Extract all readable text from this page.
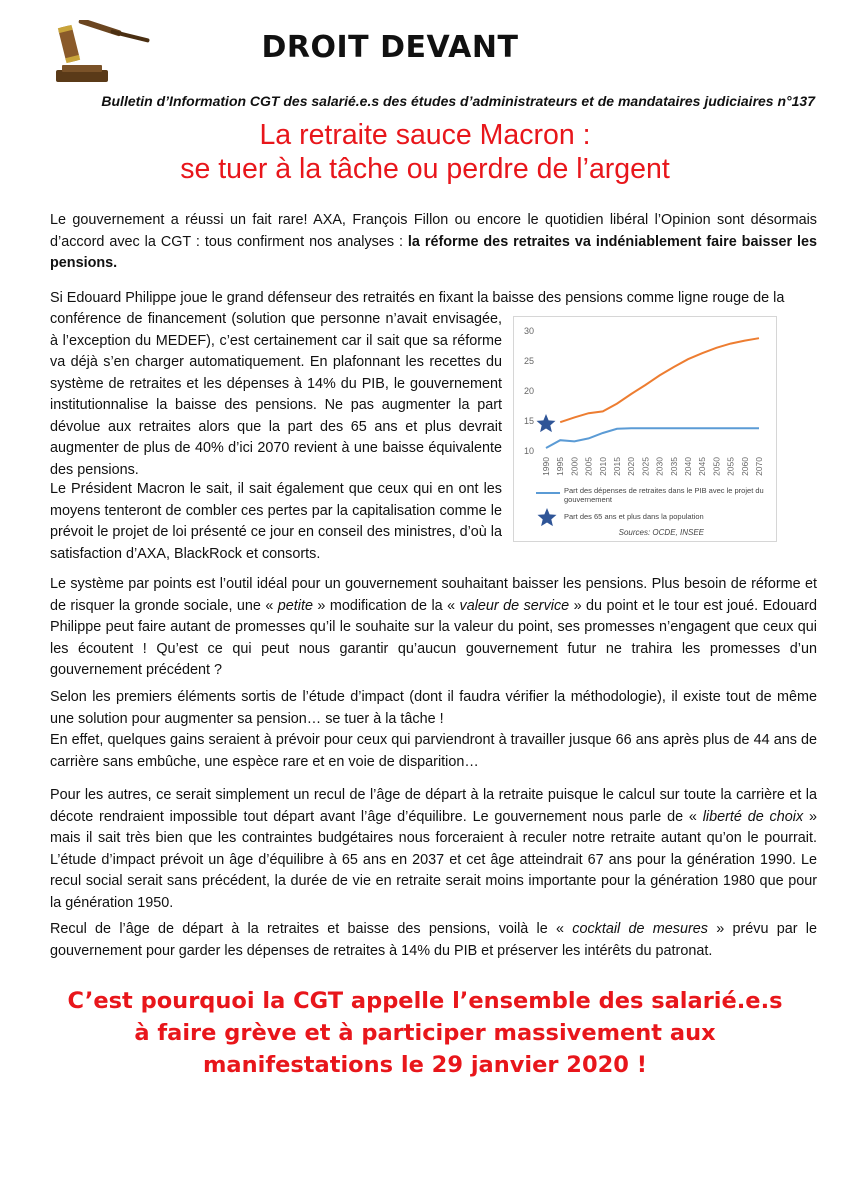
DROIT DEVANT
Bulletin d’Information CGT des salarié.e.s des études d’administrateurs et de mandataires judiciaires n°137
La retraite sauce Macron :
se tuer à la tâche ou perdre de l’argent

Le gouvernement a réussi un fait rare! AXA, François Fillon ou encore le quotidien libéral l’Opinion sont désormais d’accord avec la CGT : tous confirment nos analyses : la réforme des retraites va indéniablement faire baisser les pensions.

Si Edouard Philippe joue le grand défenseur des retraités en fixant la baisse des pensions comme ligne rouge de la

conférence de financement (solution que personne n’avait envisagée, à l’exception du MEDEF), c’est certainement car il sait que sa réforme va déjà s’en charger automatiquement. En plafonnant les recettes du système de retraites et les dépenses à 14% du PIB, le gouvernement institutionnalise la baisse des pensions. Ne pas augmenter la part dévolue aux retraites alors que la part des 65 ans et plus devrait augmenter de plus de 40% d’ici 2070 revient à une baisse équivalente des pensions.

Le Président Macron le sait, il sait également que ceux qui en ont les moyens tenteront de combler ces pertes par la capitalisation comme le prévoit le projet de loi présenté ce jour en conseil des ministres, d’où la satisfaction d’AXA, BlackRock et consorts.

Le système par points est l’outil idéal pour un gouvernement souhaitant baisser les pensions. Plus besoin de réforme et de risquer la gronde sociale, une « petite » modification de la « valeur de service » du point et le tour est joué. Edouard Philippe peut faire autant de promesses qu’il le souhaite sur la valeur du point, ses promesses n’engagent que ceux qui les écoutent ! Qu’est ce qui peut nous garantir qu’aucun gouvernement futur ne trahira les promesses d’un gouvernement précédent ?

Selon les premiers éléments sortis de l’étude d’impact (dont il faudra vérifier la méthodologie), il existe tout de même une solution pour augmenter sa pension… se tuer à la tâche !
En effet, quelques gains seraient à prévoir pour ceux qui parviendront à travailler jusque 66 ans après plus de 44 ans de carrière sans embûche, une espèce rare et en voie de disparition…

Pour les autres, ce serait simplement un recul de l’âge de départ à la retraite puisque le calcul sur toute la carrière et la décote rendraient impossible tout départ avant l’âge d’équilibre. Le gouvernement nous parle de « liberté de choix » mais il sait très bien que les contraintes budgétaires nous forceraient à reculer notre retraite autant qu’on le pourrait. L’étude d’impact prévoit un âge d’équilibre à 65 ans en 2037 et cet âge atteindrait 67 ans pour la génération 1990. Le recul social serait sans précédent, la durée de vie en retraite serait moins importante pour la génération 1980 que pour la génération 1950.

Recul de l’âge de départ à la retraites et baisse des pensions, voilà le « cocktail de mesures » prévu par le gouvernement pour garder les dépenses de retraites à 14% du PIB et préserver les intérêts du patronat.

10
15
20
25
30
1990 1995 2000 2005 2010 2015 2020 2025 2030 2035 2040 2045 2050 2055 2060 2070
Part des dépenses de retraites dans le PIB avec le projet du gouvernement
Part des 65 ans et plus dans la population
Sources: OCDE, INSEE
C’est pourquoi la CGT appelle l’ensemble des salarié.e.s
à faire grève et à participer massivement aux
manifestations le 29 janvier 2020 !
